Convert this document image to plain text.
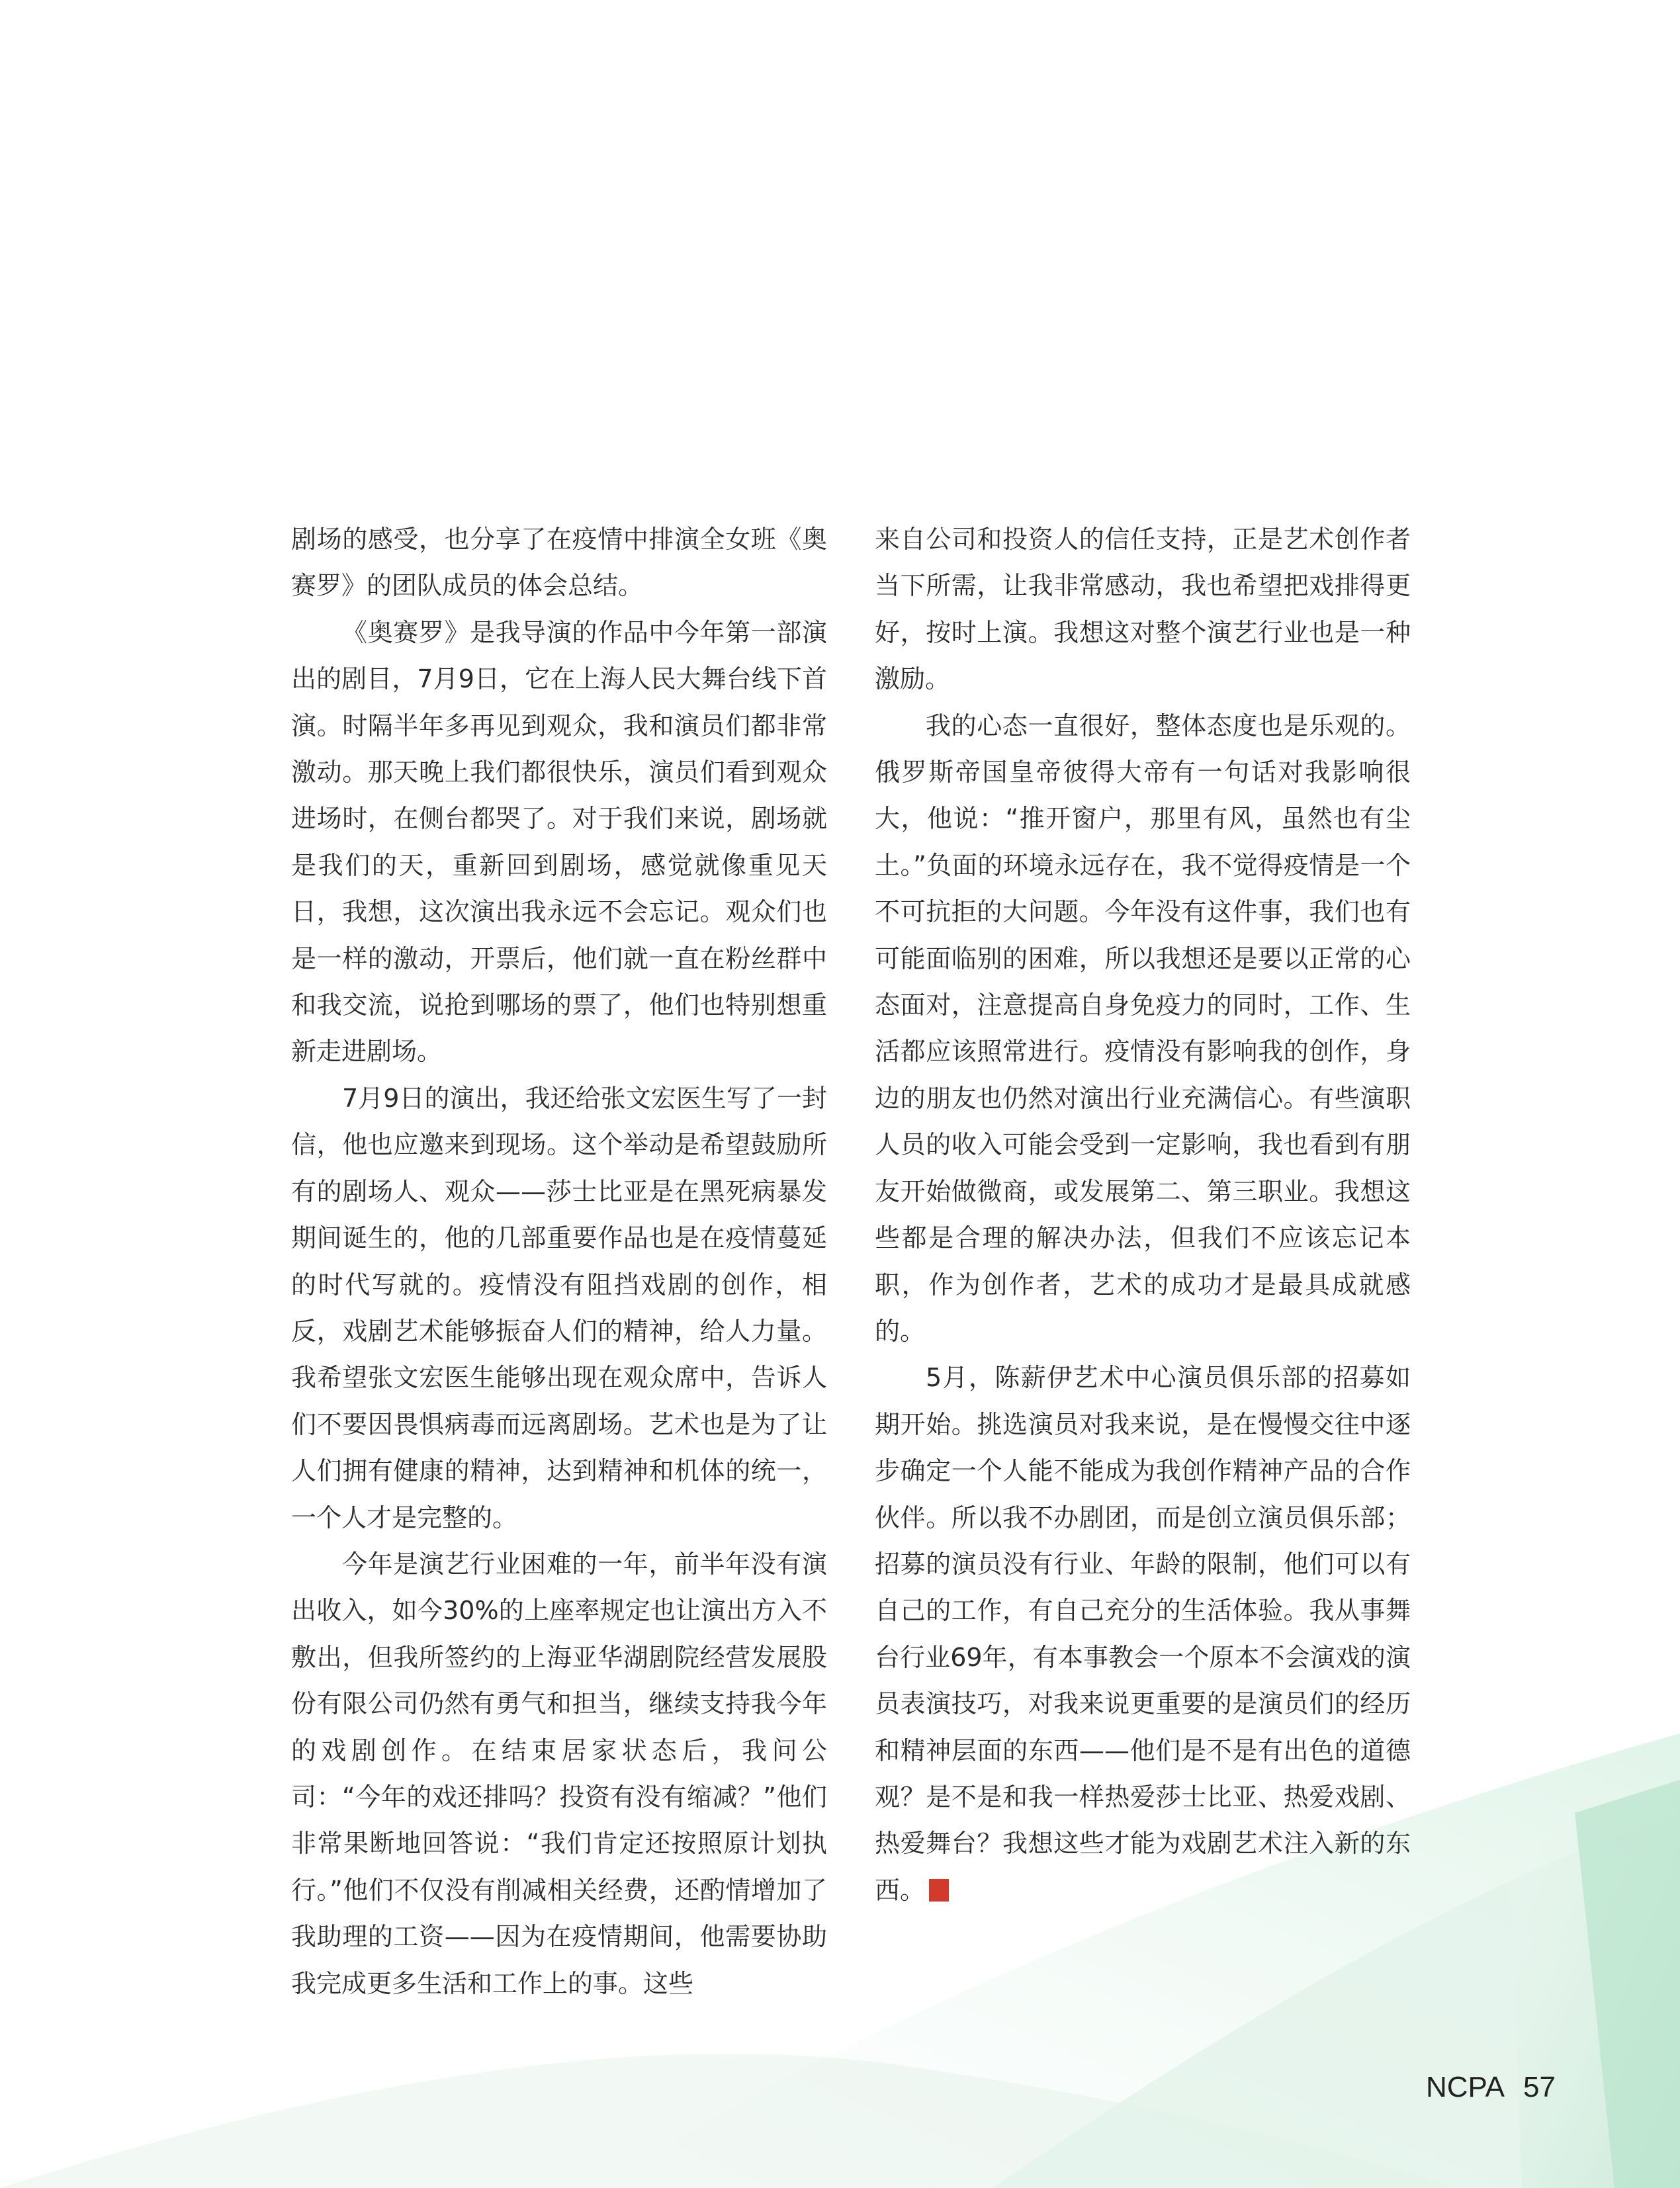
剧场的感受，也分享了在疫情中排演全女班《奥赛罗》的团队成员的体会总结。

《奥赛罗》是我导演的作品中今年第一部演出的剧目，7月9日，它在上海人民大舞台线下首演。时隔半年多再见到观众，我和演员们都非常激动。那天晚上我们都很快乐，演员们看到观众进场时，在侧台都哭了。对于我们来说，剧场就是我们的天，重新回到剧场，感觉就像重见天日，我想，这次演出我永远不会忘记。观众们也是一样的激动，开票后，他们就一直在粉丝群中和我交流，说抢到哪场的票了，他们也特别想重新走进剧场。

7月9日的演出，我还给张文宏医生写了一封信，他也应邀来到现场。这个举动是希望鼓励所有的剧场人、观众——莎士比亚是在黑死病暴发期间诞生的，他的几部重要作品也是在疫情蔓延的时代写就的。疫情没有阻挡戏剧的创作，相反，戏剧艺术能够振奋人们的精神，给人力量。我希望张文宏医生能够出现在观众席中，告诉人们不要因畏惧病毒而远离剧场。艺术也是为了让人们拥有健康的精神，达到精神和机体的统一，一个人才是完整的。

今年是演艺行业困难的一年，前半年没有演出收入，如今30%的上座率规定也让演出方入不敷出，但我所签约的上海亚华湖剧院经营发展股份有限公司仍然有勇气和担当，继续支持我今年的戏剧创作。在结束居家状态后，我问公司：“今年的戏还排吗？投资有没有缩减？”他们非常果断地回答说：“我们肯定还按照原计划执行。”他们不仅没有削减相关经费，还酌情增加了我助理的工资——因为在疫情期间，他需要协助我完成更多生活和工作上的事。这些

来自公司和投资人的信任支持，正是艺术创作者当下所需，让我非常感动，我也希望把戏排得更好，按时上演。我想这对整个演艺行业也是一种激励。

我的心态一直很好，整体态度也是乐观的。俄罗斯帝国皇帝彼得大帝有一句话对我影响很大，他说：“推开窗户，那里有风，虽然也有尘土。”负面的环境永远存在，我不觉得疫情是一个不可抗拒的大问题。今年没有这件事，我们也有可能面临别的困难，所以我想还是要以正常的心态面对，注意提高自身免疫力的同时，工作、生活都应该照常进行。疫情没有影响我的创作，身边的朋友也仍然对演出行业充满信心。有些演职人员的收入可能会受到一定影响，我也看到有朋友开始做微商，或发展第二、第三职业。我想这些都是合理的解决办法，但我们不应该忘记本职，作为创作者，艺术的成功才是最具成就感的。

5月，陈薪伊艺术中心演员俱乐部的招募如期开始。挑选演员对我来说，是在慢慢交往中逐步确定一个人能不能成为我创作精神产品的合作伙伴。所以我不办剧团，而是创立演员俱乐部；招募的演员没有行业、年龄的限制，他们可以有自己的工作，有自己充分的生活体验。我从事舞台行业69年，有本事教会一个原本不会演戏的演员表演技巧，对我来说更重要的是演员们的经历和精神层面的东西——他们是不是有出色的道德观？是不是和我一样热爱莎士比亚、热爱戏剧、热爱舞台？我想这些才能为戏剧艺术注入新的东西。

NCPA 57
